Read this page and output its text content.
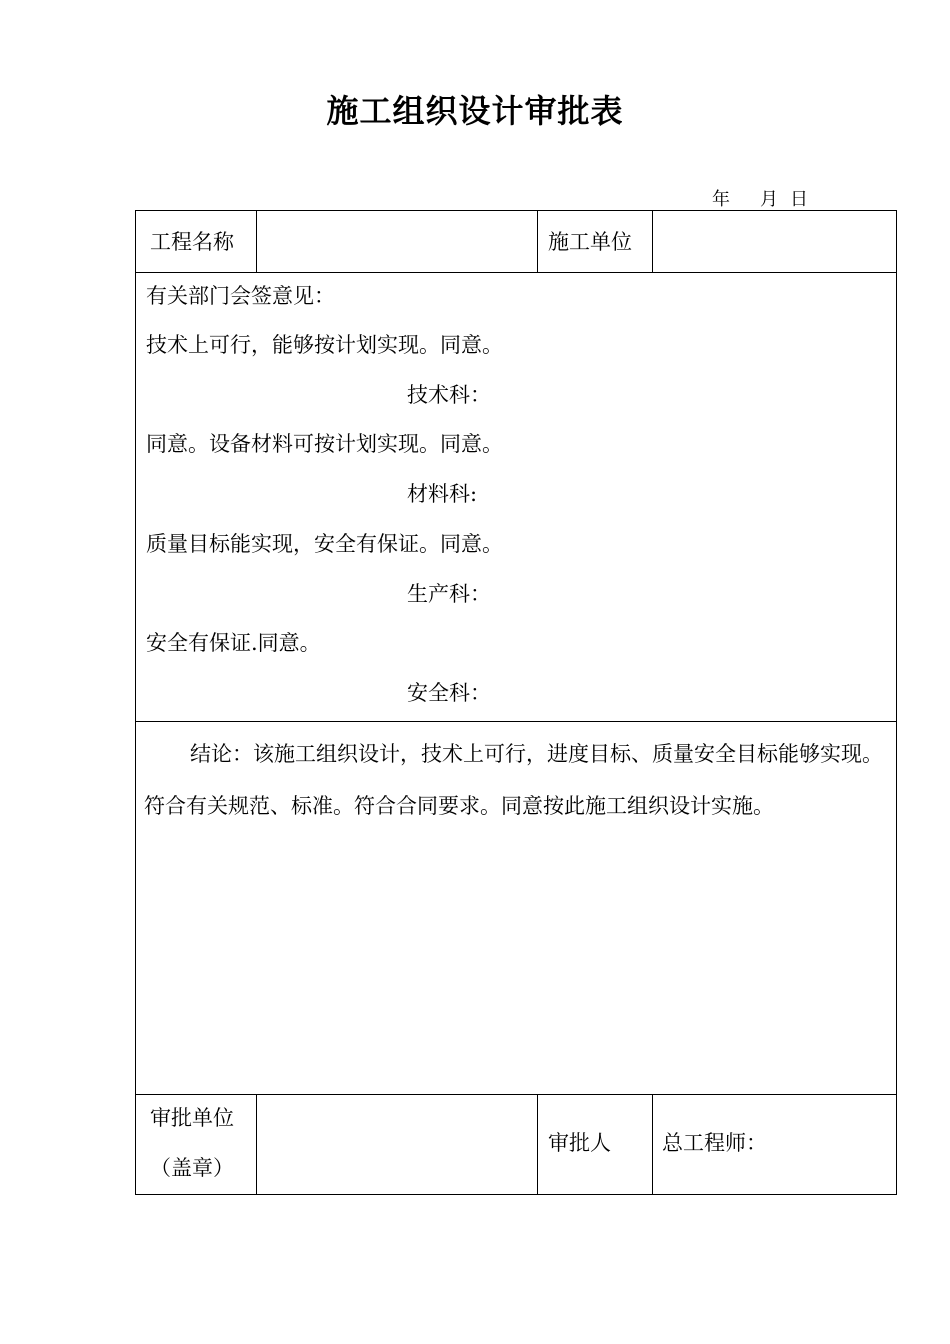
施工组织设计审批表
年	月 日
工程名称	施工单位
有关部门会签意见：
技术上可行，能够按计划实现。同意。
技术科：
同意。设备材料可按计划实现。同意。
材料科:
质量目标能实现，安全有保证。同意。
生产科：
安全有保证.同意。
安全科：
结论：该施工组织设计，技术上可行，进度目标、质量安全目标能够实现。符合有关规范、标准。符合合同要求。同意按此施工组织设计实施。
审批单位
（盖章）
审批人 总工程师：
